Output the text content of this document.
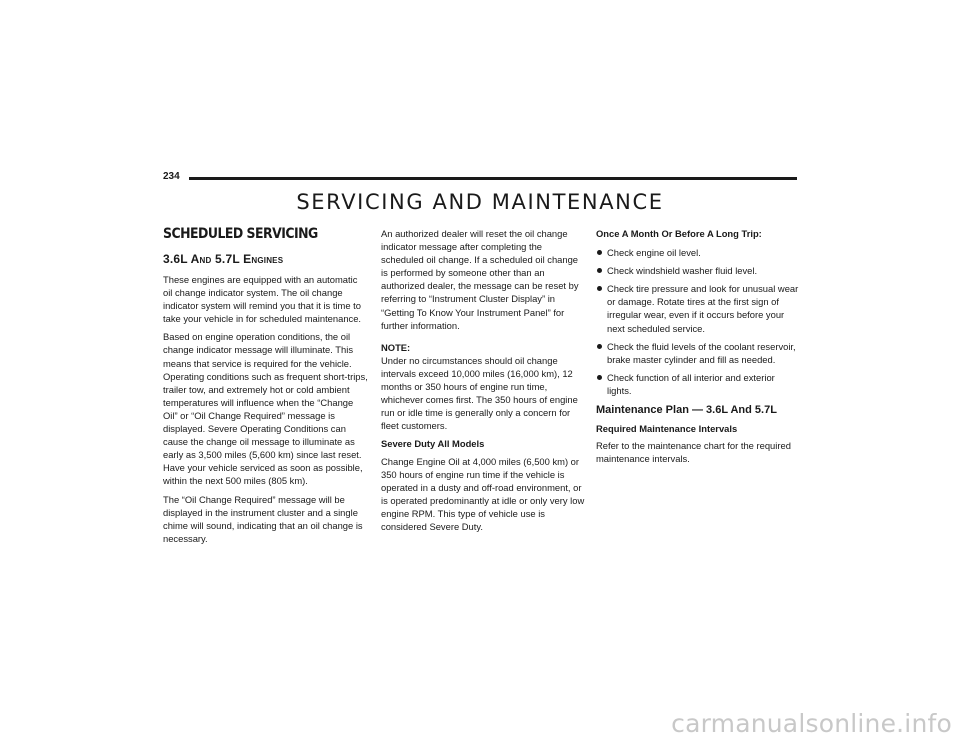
234
SERVICING AND MAINTENANCE
SCHEDULED SERVICING
3.6L And 5.7L Engines

These engines are equipped with an automatic oil change indicator system. The oil change indicator system will remind you that it is time to take your vehicle in for scheduled maintenance.

Based on engine operation conditions, the oil change indicator message will illuminate. This means that service is required for the vehicle. Operating conditions such as frequent short-trips, trailer tow, and extremely hot or cold ambient temperatures will influence when the “Change Oil” or “Oil Change Required” message is displayed. Severe Operating Conditions can cause the change oil message to illuminate as early as 3,500 miles (5,600 km) since last reset. Have your vehicle serviced as soon as possible, within the next 500 miles (805 km).

The “Oil Change Required” message will be displayed in the instrument cluster and a single chime will sound, indicating that an oil change is necessary.

An authorized dealer will reset the oil change indicator message after completing the scheduled oil change. If a scheduled oil change is performed by someone other than an authorized dealer, the message can be reset by referring to “Instrument Cluster Display” in “Getting To Know Your Instrument Panel” for further information.

NOTE:

Under no circumstances should oil change intervals exceed 10,000 miles (16,000 km), 12 months or 350 hours of engine run time, whichever comes first. The 350 hours of engine run or idle time is generally only a concern for fleet customers.

Severe Duty All Models

Change Engine Oil at 4,000 miles (6,500 km) or 350 hours of engine run time if the vehicle is operated in a dusty and off-road environment, or is operated predominantly at idle or only very low engine RPM. This type of vehicle use is considered Severe Duty.

Once A Month Or Before A Long Trip:
Check engine oil level.
Check windshield washer fluid level.
Check tire pressure and look for unusual wear or damage. Rotate tires at the first sign of irregular wear, even if it occurs before your next scheduled service.
Check the fluid levels of the coolant reservoir, brake master cylinder and fill as needed.
Check function of all interior and exterior lights.
Maintenance Plan — 3.6L And 5.7L
Required Maintenance Intervals

Refer to the maintenance chart for the required maintenance intervals.

carmanualsonline.info
